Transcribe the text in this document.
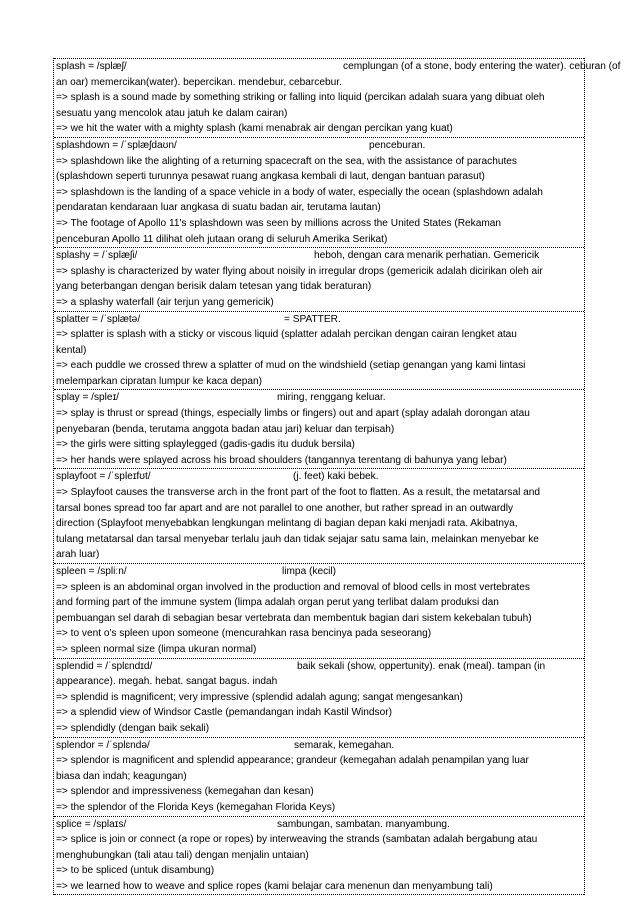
splash = /splæʃ/	cemplungan (of a stone, body entering the water). ceburan (of
an oar) memercikan(water). bepercikan. mendebur, cebarcebur.
=> splash is a sound made by something striking or falling into liquid (percikan adalah suara yang dibuat oleh
sesuatu yang mencolok atau jatuh ke dalam cairan)
=> we hit the water with a mighty splash (kami menabrak air dengan percikan yang kuat)
splashdown = /ˈsplæʃdaʊn/	penceburan.
=> splashdown like the alighting of a returning spacecraft on the sea, with the assistance of parachutes
(splashdown seperti turunnya pesawat ruang angkasa kembali di laut, dengan bantuan parasut)
=> splashdown is the landing of a space vehicle in a body of water, especially the ocean (splashdown adalah
pendaratan kendaraan luar angkasa di suatu badan air, terutama lautan)
=> The footage of Apollo 11's splashdown was seen by millions across the United States (Rekaman
penceburan Apollo 11 dilihat oleh jutaan orang di seluruh Amerika Serikat)
splashy = /ˈsplæʃi/	heboh, dengan cara menarik perhatian. Gemericik
=> splashy is characterized by water flying about noisily in irregular drops (gemericik adalah dicirikan oleh air
yang beterbangan dengan berisik dalam tetesan yang tidak beraturan)
=> a splashy waterfall (air terjun yang gemericik)
splatter = /ˈsplætə/	= SPATTER.
=> splatter is splash with a sticky or viscous liquid (splatter adalah percikan dengan cairan lengket atau
kental)
=> each puddle we crossed threw a splatter of mud on the windshield (setiap genangan yang kami lintasi
melemparkan cipratan lumpur ke kaca depan)
splay = /spleɪ/	miring, renggang keluar.
=> splay is thrust or spread (things, especially limbs or fingers) out and apart (splay adalah dorongan atau
penyebaran (benda, terutama anggota badan atau jari) keluar dan terpisah)
=> the girls were sitting splaylegged (gadis-gadis itu duduk bersila)
=> her hands were splayed across his broad shoulders (tangannya terentang di bahunya yang lebar)
splayfoot = /ˈspleɪfʊt/	(j. feet) kaki bebek.
=> Splayfoot causes the transverse arch in the front part of the foot to flatten. As a result, the metatarsal and
tarsal bones spread too far apart and are not parallel to one another, but rather spread in an outwardly
direction (Splayfoot menyebabkan lengkungan melintang di bagian depan kaki menjadi rata. Akibatnya,
tulang metatarsal dan tarsal menyebar terlalu jauh dan tidak sejajar satu sama lain, melainkan menyebar ke
arah luar)
spleen = /spliːn/	limpa (kecil)
=> spleen is an abdominal organ involved in the production and removal of blood cells in most vertebrates
and forming part of the immune system (limpa adalah organ perut yang terlibat dalam produksi dan
pembuangan sel darah di sebagian besar vertebrata dan membentuk bagian dari sistem kekebalan tubuh)
=> to vent o's spleen upon someone (mencurahkan rasa bencinya pada seseorang)
=> spleen normal size (limpa ukuran normal)
splendid = /ˈsplɛndɪd/	baik sekali (show, oppertunity). enak (meal). tampan (in
appearance). megah. hebat. sangat bagus. indah
=> splendid is magnificent; very impressive (splendid adalah agung; sangat mengesankan)
=> a splendid view of Windsor Castle (pemandangan indah Kastil Windsor)
=> splendidly (dengan baik sekali)
splendor = /ˈsplɛndə/	semarak, kemegahan.
=> splendor is magnificent and splendid appearance; grandeur (kemegahan adalah penampilan yang luar
biasa dan indah; keagungan)
=> splendor and impressiveness (kemegahan dan kesan)
=> the splendor of the Florida Keys (kemegahan Florida Keys)
splice = /splaɪs/	sambungan, sambatan. manyambung.
=> splice is join or connect (a rope or ropes) by interweaving the strands (sambatan adalah bergabung atau
menghubungkan (tali atau tali) dengan menjalin untaian)
=> to be spliced (untuk disambung)
=> we learned how to weave and splice ropes (kami belajar cara menenun dan menyambung tali)
